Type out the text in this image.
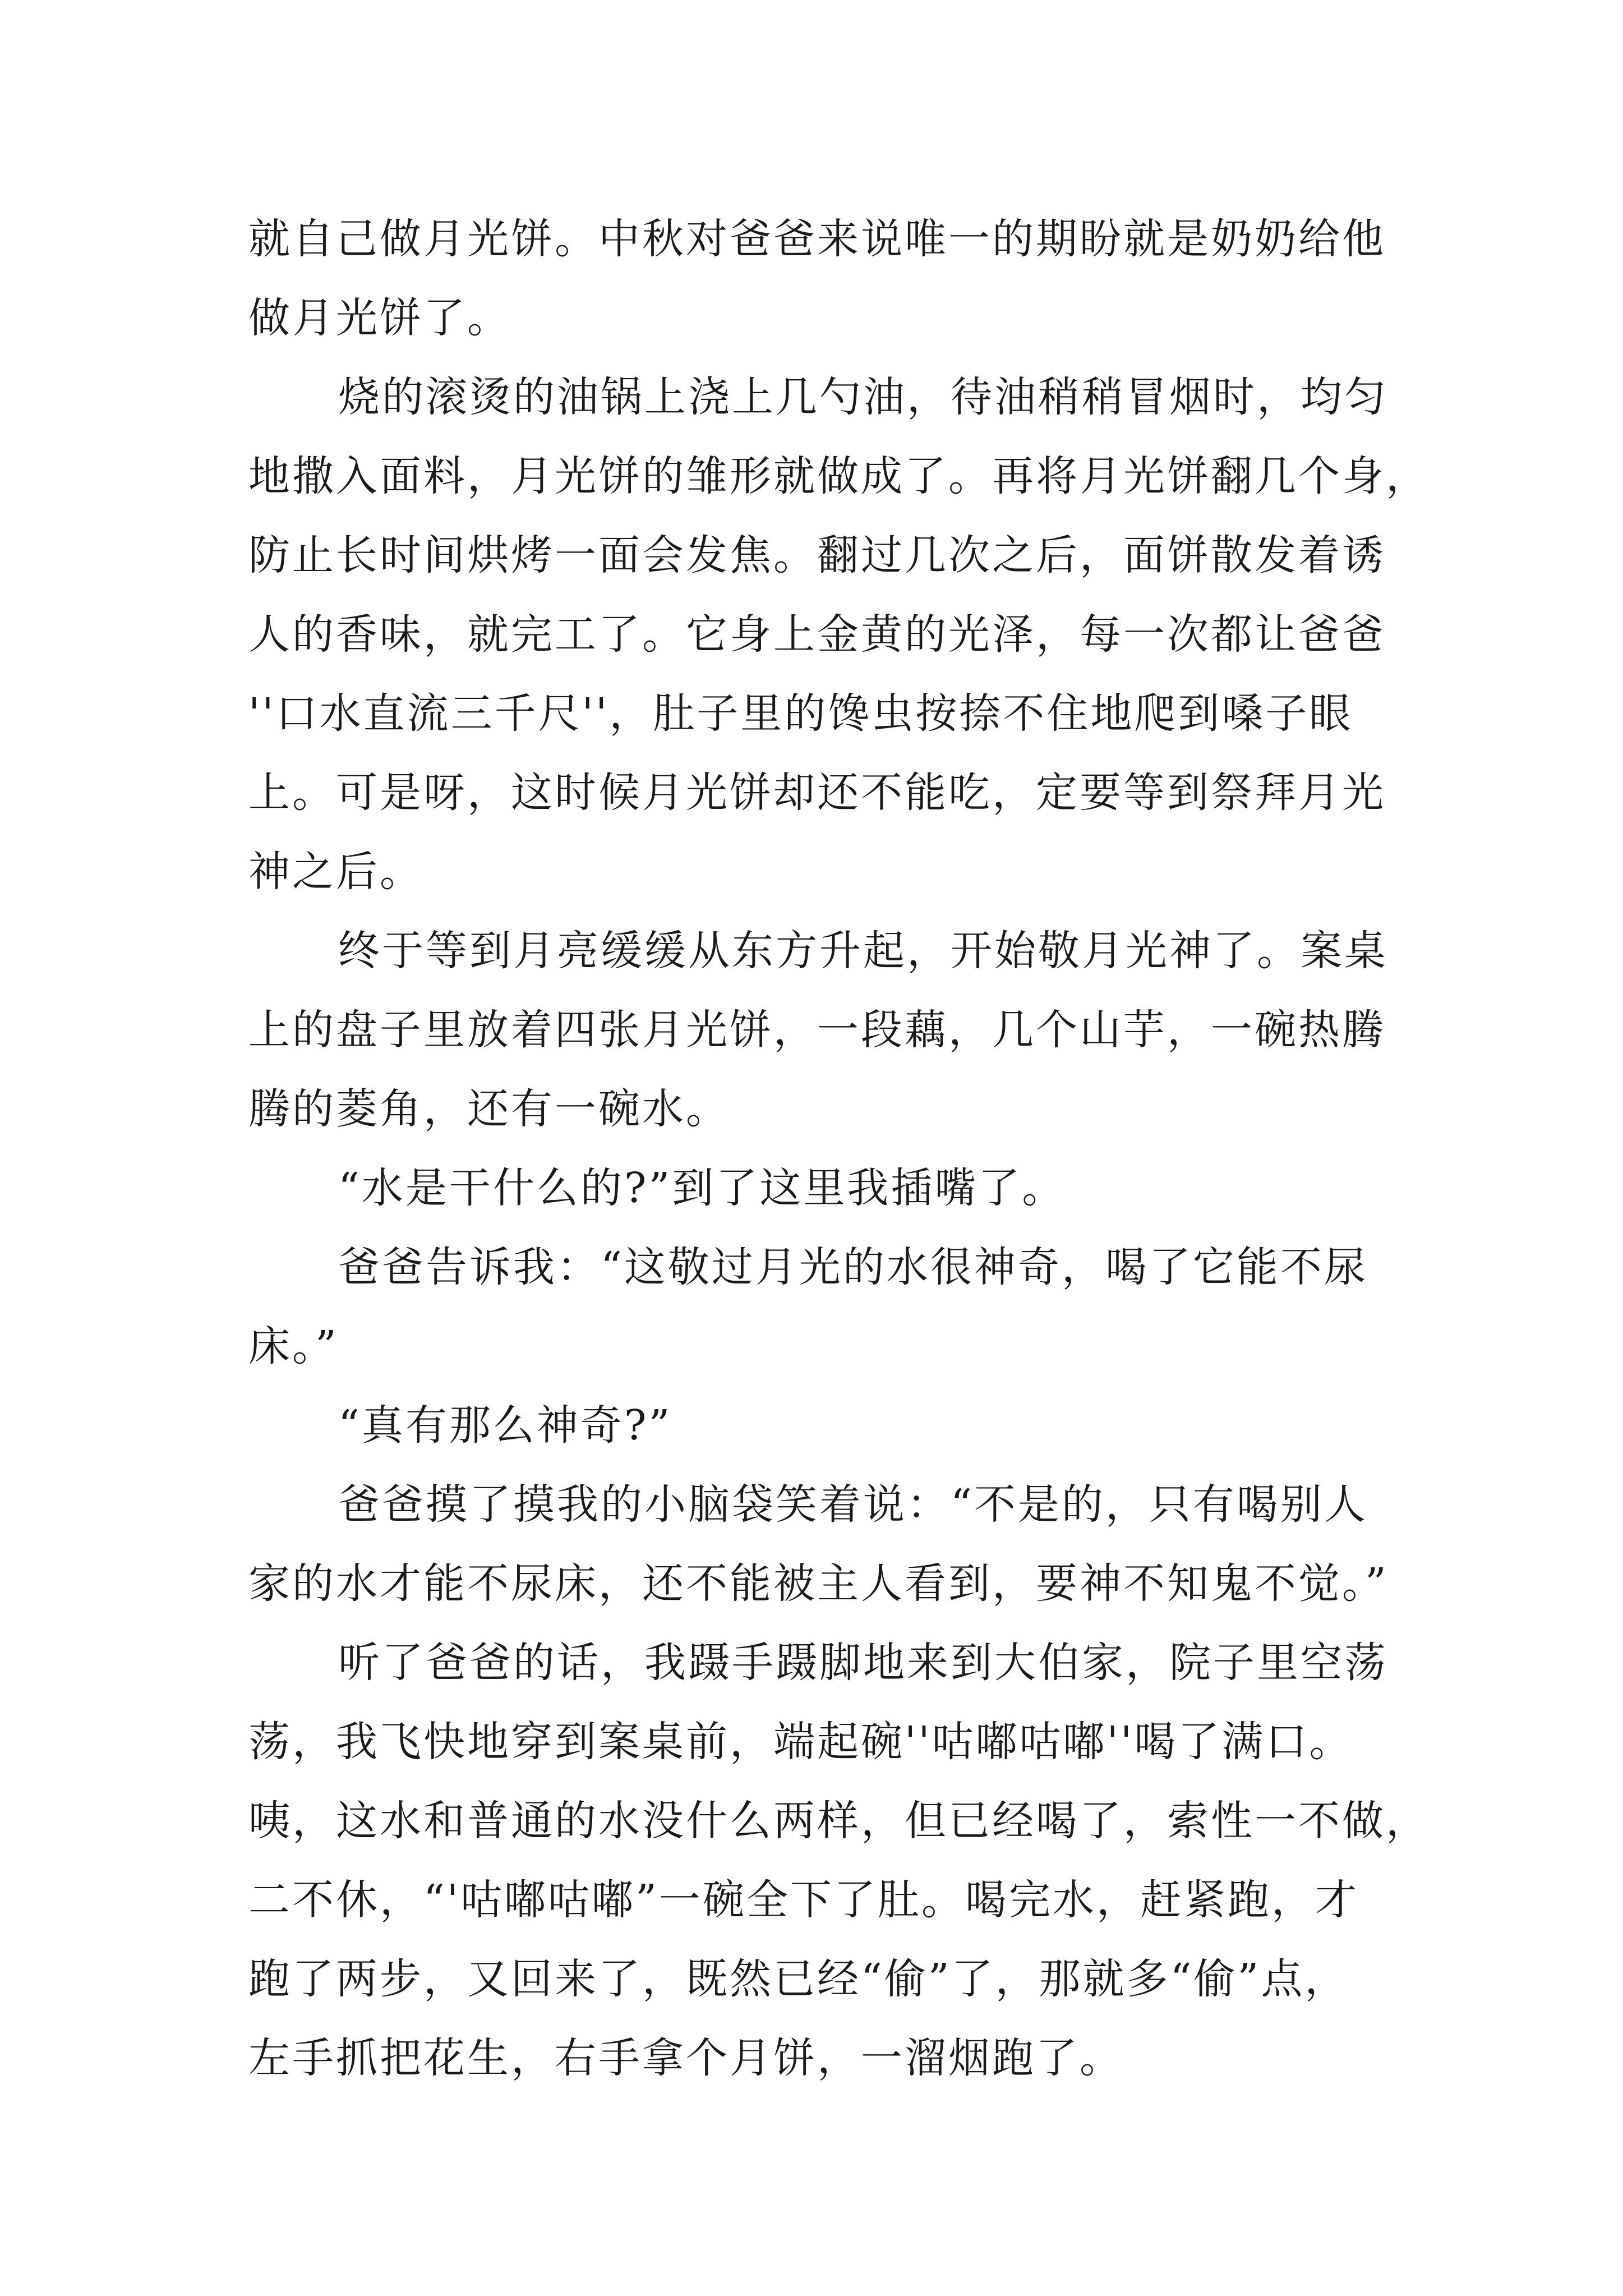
就自己做月光饼。中秋对爸爸来说唯一的期盼就是奶奶给他
做月光饼了。
烧的滚烫的油锅上浇上几勺油，待油稍稍冒烟时，均匀
地撒入面料，月光饼的雏形就做成了。再将月光饼翻几个身，
防止长时间烘烤一面会发焦。翻过几次之后，面饼散发着诱
人的香味，就完工了。它身上金黄的光泽，每一次都让爸爸
''口水直流三千尺''，肚子里的馋虫按捺不住地爬到嗓子眼
上。可是呀，这时候月光饼却还不能吃，定要等到祭拜月光
神之后。
终于等到月亮缓缓从东方升起，开始敬月光神了。案桌
上的盘子里放着四张月光饼，一段藕，几个山芋，一碗热腾
腾的菱角，还有一碗水。
“水是干什么的?”到了这里我插嘴了。
爸爸告诉我：“这敬过月光的水很神奇，喝了它能不尿
床。”
“真有那么神奇?”
爸爸摸了摸我的小脑袋笑着说：“不是的，只有喝别人
家的水才能不尿床，还不能被主人看到，要神不知鬼不觉。”
听了爸爸的话，我蹑手蹑脚地来到大伯家，院子里空荡
荡，我飞快地穿到案桌前，端起碗''咕嘟咕嘟''喝了满口。
咦，这水和普通的水没什么两样，但已经喝了，索性一不做，
二不休，“'咕嘟咕嘟”一碗全下了肚。喝完水，赶紧跑，才
跑了两步，又回来了，既然已经“偷”了，那就多“偷”点，
左手抓把花生，右手拿个月饼，一溜烟跑了。
